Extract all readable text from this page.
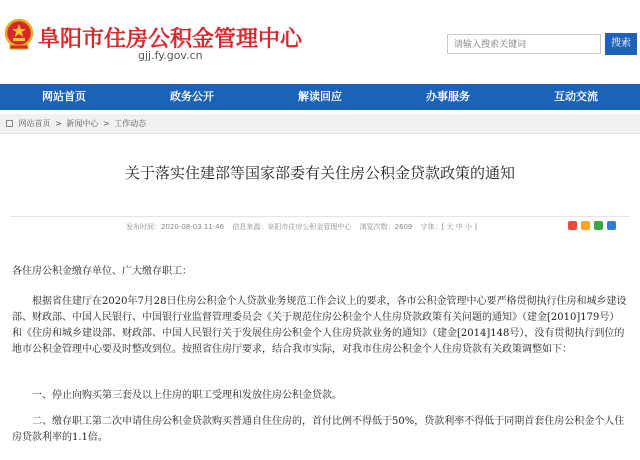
阜阳市住房公积金管理中心
gjj.fy.gov.cn
请输入搜索关键词
搜索
网站首页	政务公开	解读回应	办事服务	互动交流
网站首页 > 新闻中心 > 工作动态
关于落实住建部等国家部委有关住房公积金贷款政策的通知
发布时间：2020-08-03 11:46 信息来源：阜阳市住房公积金管理中心 浏览次数：2609 字体：[ 大 中 小 ]
各住房公积金缴存单位、广大缴存职工：
根据省住建厅在2020年7月28日住房公积金个人贷款业务规范工作会议上的要求，各市公积金管理中心要严格贯彻执行住房和城乡建设部、财政部、中国人民银行、中国银行业监督管理委员会《关于规范住房公积金个人住房贷款政策有关问题的通知》（建金[2010]179号）和《住房和城乡建设部、财政部、中国人民银行关于发展住房公积金个人住房贷款业务的通知》（建金[2014]148号），没有贯彻执行到位的地市公积金管理中心要及时整改到位。按照省住房厅要求，结合我市实际，对我市住房公积金个人住房贷款有关政策调整如下：
一、停止向购买第三套及以上住房的职工受理和发放住房公积金贷款。
二、缴存职工第二次申请住房公积金贷款购买普通自住住房的，首付比例不得低于50%，贷款利率不得低于同期首套住房公积金个人住房贷款利率的1.1倍。
